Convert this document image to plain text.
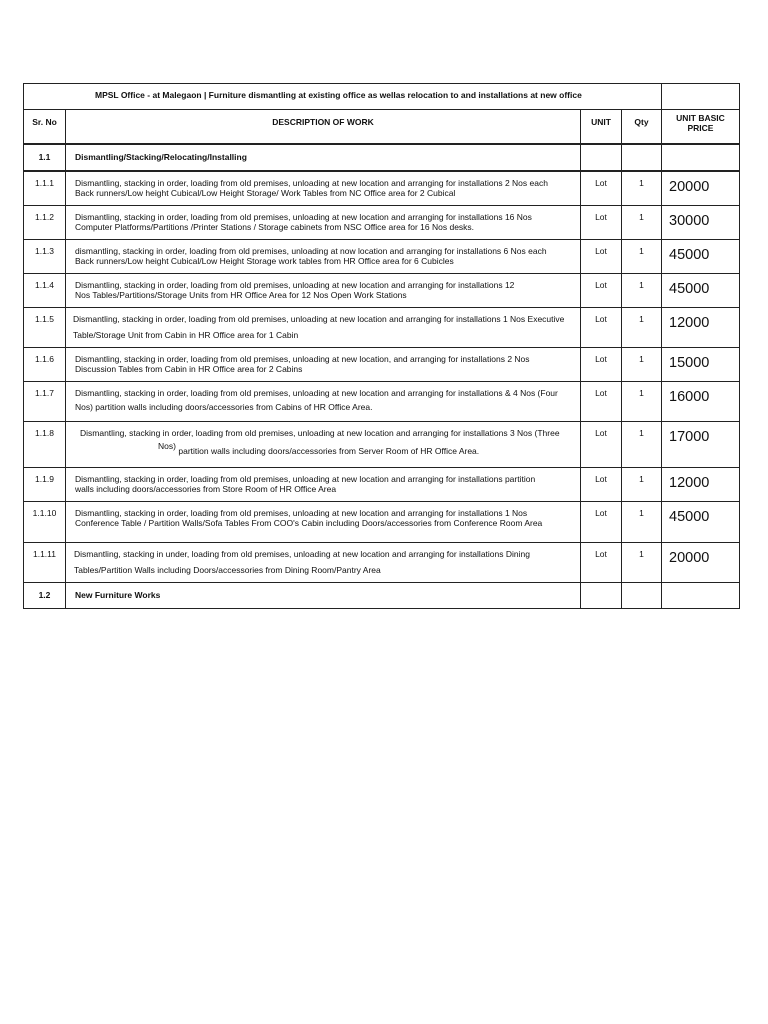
MPSL Office - at Malegaon | Furniture dismantling at existing office as wellas relocation to and installations at new office				

Sr. No	DESCRIPTION OF WORK	UNIT	Qty	UNIT BASIC
PRICE

1.1	Dismantling/Stacking/Relocating/Installing			

1.1.1	Dismantling, stacking in order, loading from old premises, unloading at new location and arranging for installations 2 Nos each
Back runners/Low height Cubical/Low Height Storage/ Work Tables from NC Office area for 2 Cubical	Lot	1	20000

1.1.2	Dismantling, stacking in order, loading from old premises, unloading at new location and arranging for installations 16 Nos
Computer Platforms/Partitions /Printer Stations / Storage cabinets from NSC Office area for 16 Nos desks.	Lot	1	30000

1.1.3	dismantling, stacking in order, loading from old premises, unloading at now location and arranging for installations 6 Nos each
Back runners/Low height Cubical/Low Height Storage work tables from HR Office area for 6 Cubicles	Lot	1	45000

1.1.4	Dismantling, stacking in order, loading from old premises, unloading at new location and arranging for installations 12
Nos Tables/Partitions/Storage Units from HR Office Area for 12 Nos Open Work Stations	Lot	1	45000

1.1.5	Dismantling, stacking in order, loading from old premises, unloading at new location and arranging for installations 1 Nos Executive
Table/Storage Unit from Cabin in HR Office area for 1 Cabin	Lot	1	12000

1.1.6	Dismantling, stacking in order, loading from old premises, unloading at new location, and arranging for installations 2 Nos
Discussion Tables from Cabin in HR Office area for 2 Cabins	Lot	1	15000

1.1.7	Dismantling, stacking in order, loading from old premises, unloading at new location and arranging for installations & 4 Nos (Four
Nos) partition walls including doors/accessories from Cabins of HR Office Area.	Lot	1	16000

1.1.8	Dismantling, stacking in order, loading from old premises, unloading at new location and arranging for installations 3 Nos (Three
Nos) partition walls including doors/accessories from Server Room of HR Office Area.	Lot	1	17000

1.1.9	Dismantling, stacking in order, loading from old premises, unloading at new location and arranging for installations partition
walls including doors/accessories from Store Room of HR Office Area	Lot	1	12000

1.1.10	Dismantling, stacking in order, loading from old premises, unloading at new location and arranging for installations 1 Nos
Conference Table / Partition Walls/Sofa Tables From COO's Cabin including Doors/accessories from Conference Room Area	Lot	1	45000

1.1.11	Dismantling, stacking in under, loading from old premises, unloading at new location and arranging for installations Dining
Tables/Partition Walls including Doors/accessories from Dining Room/Pantry Area	Lot	1	20000

1.2	New Furniture Works			
